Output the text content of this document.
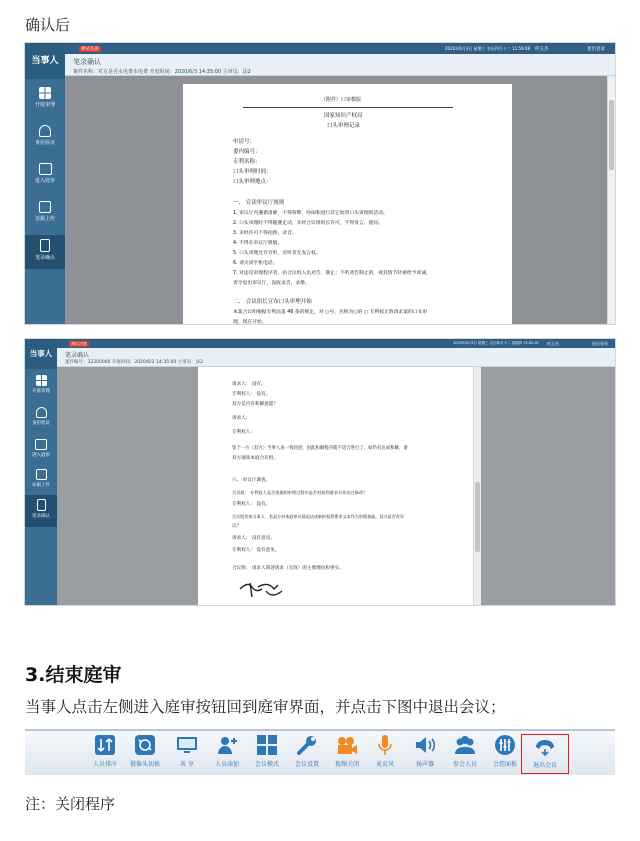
确认后
当事人
开庭审理
身份验证
进入庭审
证据上传
笔录确认
测试法庭	2020年6月3日 星期三 农历四月十二 11:59:48 何玉杰	退出登录
笔录确认
案件名称：对方是否水电费水电费 开庭时间：2020/6/3 14:35:00 主审员：法2
（附件）口审模版
国家知识产权局
口头审理记录
申请号：
委内编号：
专利名称：
口头审理时间：
口头审理地点：
一、 宣读审议厅规则
1. 审议厅内遵循肃静，不得喧哗，吵闹和进行其它妨害口头审理的活动。
2. 口头审理时不得随便走动，未经合议组组长许可，不得发言，提问。
3. 未经许可不得拍照，录音。
4. 不得在审议厅吸烟。
5. 口头审理允许旁听，旁听者无发言权。
6. 请关闭手机电话。
7. 对违反审理程序者，由合议组入员劝告，制止；不听劝告制止的，视其情节轻重给予训诫，
责令退出审议厅，没收录音，录像。
二、 合议组长宣布口头审理开始
本案合议组根据专利法第 46 条的规定，对 ○号，名称为○的 ○ 专利权无效请求案的口头审
理，现在开始。
当事人
开庭审理
身份验证
进入庭审
证据上传
笔录确认
测试法庭	2020年6月3日 星期三 农历四月十二 星期四 15:00:07 何玉杰	退出登录
笔录确认
案件编号：32300000 开庭时间：2020/6/3 14:35:00 主审员：法2
请求人： 没有。
专利权人： 没有。
双方是否有和解意愿？
请求人：
专利权人：
鉴于一方（双方）当事人表一致同意，因此和解程序就不适合进行了，如仍有达成和解，请
双方通知本庭合议组。
六、 审议厅调查。
合议组： 专利权人是否依据的审理过程中是否对权利要求书作出过修改？
专利权人： 没有。
合议组告知当事人：若双方对本庭审议情况达成新的权利要求文本作为审理基础，双方是否有异
议？
请求人： 没有意见。
专利权人： 没有意见。
合议组： 请求人简述请求（无效）的主要理由和事实。
3.结束庭审
当事人点击左侧进入庭审按钮回到庭审界面，并点击下图中退出会议；
人员排序	摄像头切换	共 享	人员添加	会议模式	会议设置	视频关闭	麦克风	扬声器	参会人员	会控面板	退出会议
注：关闭程序
